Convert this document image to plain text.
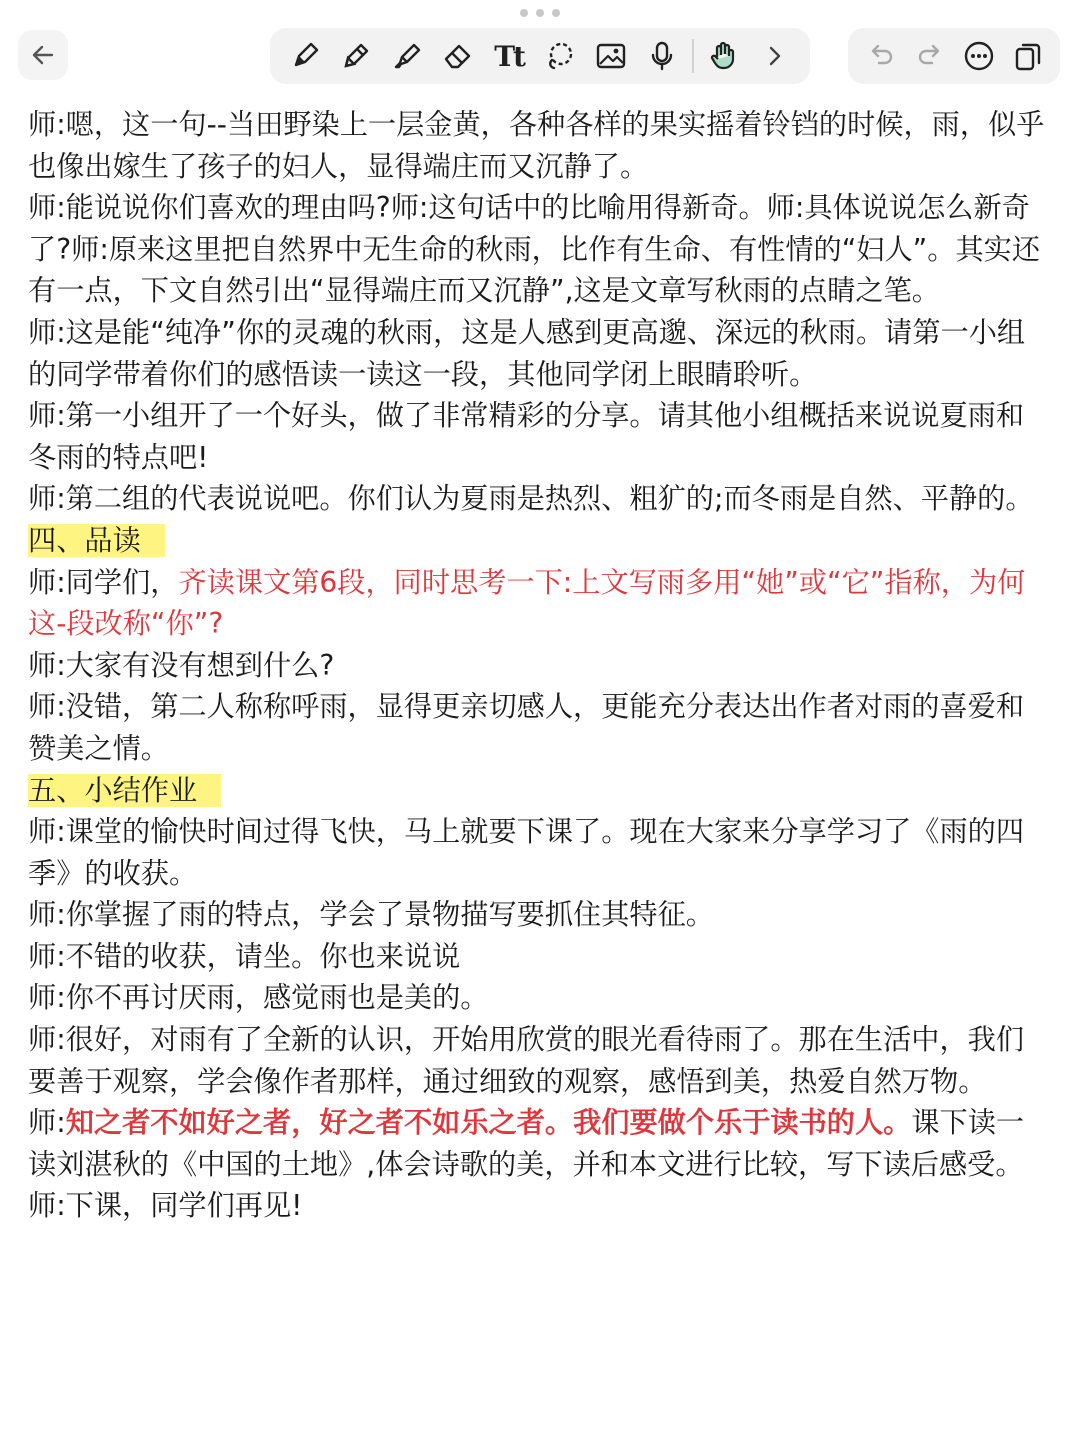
Tt

师:嗯，这一句--当田野染上一层金黄，各种各样的果实摇着铃铛的时候，雨，似乎也像出嫁生了孩子的妇人，显得端庄而又沉静了。

师:能说说你们喜欢的理由吗?师:这句话中的比喻用得新奇。师:具体说说怎么新奇了?师:原来这里把自然界中无生命的秋雨，比作有生命、有性情的“妇人”。其实还有一点，下文自然引出“显得端庄而又沉静”,这是文章写秋雨的点睛之笔。

师:这是能“纯净”你的灵魂的秋雨，这是人感到更高邈、深远的秋雨。请第一小组的同学带着你们的感悟读一读这一段，其他同学闭上眼睛聆听。

师:第一小组开了一个好头，做了非常精彩的分享。请其他小组概括来说说夏雨和冬雨的特点吧!

师:第二组的代表说说吧。你们认为夏雨是热烈、粗犷的;而冬雨是自然、平静的。

四、品读

师:同学们，齐读课文第6段，同时思考一下:上文写雨多用“她”或“它”指称，为何这-段改称“你”?

师:大家有没有想到什么?

师:没错，第二人称称呼雨，显得更亲切感人，更能充分表达出作者对雨的喜爱和赞美之情。

五、小结作业

师:课堂的愉快时间过得飞快，马上就要下课了。现在大家来分享学习了《雨的四季》的收获。

师:你掌握了雨的特点，学会了景物描写要抓住其特征。

师:不错的收获，请坐。你也来说说

师:你不再讨厌雨，感觉雨也是美的。

师:很好，对雨有了全新的认识，开始用欣赏的眼光看待雨了。那在生活中，我们要善于观察，学会像作者那样，通过细致的观察，感悟到美，热爱自然万物。

师:知之者不如好之者，好之者不如乐之者。我们要做个乐于读书的人。课下读一读刘湛秋的《中国的土地》,体会诗歌的美，并和本文进行比较，写下读后感受。师:下课，同学们再见!
